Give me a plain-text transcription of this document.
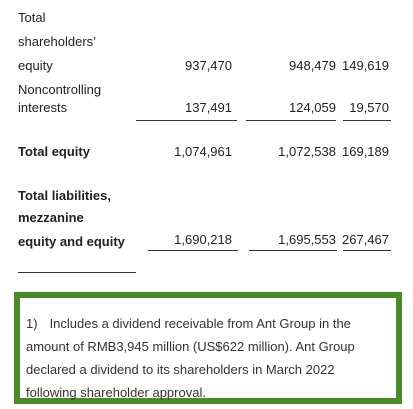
Total
shareholders’
equity	937,470	948,479 149,619
Noncontrolling
interests	137,491	124,059 19,570
Total equity	1,074,961	1,072,538 169,189
Total liabilities,
mezzanine
equity and equity	1,690,218	1,695,553 267,467
1) Includes a dividend receivable from Ant Group in the amount of RMB3,945 million (US$622 million). Ant Group declared a dividend to its shareholders in March 2022 following shareholder approval.
